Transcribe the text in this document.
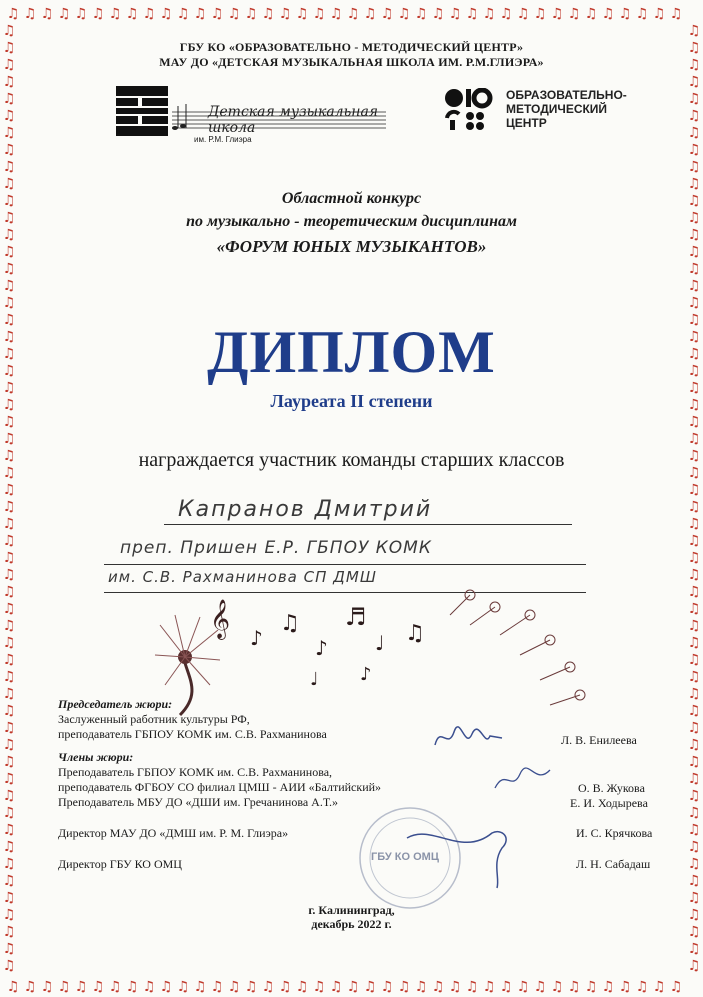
♫
♫
♫
♫
♫
♫
♫
♫
♫
♫
♫
♫
♫
♫
♫
♫
♫
♫
♫
♫
♫
♫
♫
♫
♫
♫
♫
♫
♫
♫
♫
♫
♫
♫
♫
♫
♫
♫
♫
♫
♫
♫
♫
♫
♫
♫
♫
♫
♫
♫
♫
♫
♫
♫
♫
♫
♫
♫
♫
♫
♫
♫
♫
♫
♫
♫
♫
♫
♫
♫
♫
♫
♫
♫
♫
♫
♫
♫
♫
♫
♫	♫
♫	♫
♫	♫
♫	♫
♫	♫
♫	♫
♫	♫
♫	♫
♫	♫
♫	♫
♫	♫
♫	♫
♫	♫
♫	♫
♫	♫
♫	♫
♫	♫
♫	♫
♫	♫
♫	♫
♫	♫
♫	♫
♫	♫
♫	♫
♫	♫
♫	♫
♫	♫
♫	♫
♫	♫
♫	♫
♫	♫
♫	♫
♫	♫
♫	♫
♫	♫
♫	♫
♫	♫
♫	♫
♫	♫
♫	♫
♫	♫
♫	♫
♫	♫
♫	♫
♫	♫
♫	♫
♫	♫
♫	♫
♫	♫
♫	♫
♫	♫
♫	♫
♫	♫
♫	♫
♫	♫
♫	♫
ГБУ КО «ОБРАЗОВАТЕЛЬНО - МЕТОДИЧЕСКИЙ ЦЕНТР»
МАУ ДО «ДЕТСКАЯ МУЗЫКАЛЬНАЯ ШКОЛА ИМ. Р.М.ГЛИЭРА»
Детская музыкальная школа
им. Р.М. Глиэра
ОБРАЗОВАТЕЛЬНО-
МЕТОДИЧЕСКИЙ
ЦЕНТР
Областной конкурс
по музыкально - теоретическим дисциплинам
«ФОРУМ ЮНЫХ МУЗЫКАНТОВ»
ДИПЛОМ
Лауреата II степени
награждается участник команды старших классов
Капранов Дмитрий
преп. Пришен Е.Р. ГБПОУ КОМК
им. С.В. Рахманинова СП ДМШ
𝄞 ♪
♫
♪
♬
♩ ♫
♪
♩
Председатель жюри:
Заслуженный работник культуры РФ,
преподаватель ГБПОУ КОМК им. С.В. Рахманинова	Л. В. Енилеева
Члены жюри:
Преподаватель ГБПОУ КОМК им. С.В. Рахманинова,
преподаватель ФГБОУ СО филиал ЦМШ - АИИ «Балтийский»	О. В. Жукова
Преподаватель МБУ ДО «ДШИ им. Гречанинова А.Т.»	Е. И. Ходырева
Директор МАУ ДО «ДМШ им. Р. М. Глиэра»	И. С. Крячкова
Директор ГБУ КО ОМЦ	Л. Н. Сабадаш
ГБУ КО ОМЦ
г. Калининград,
декабрь 2022 г.
